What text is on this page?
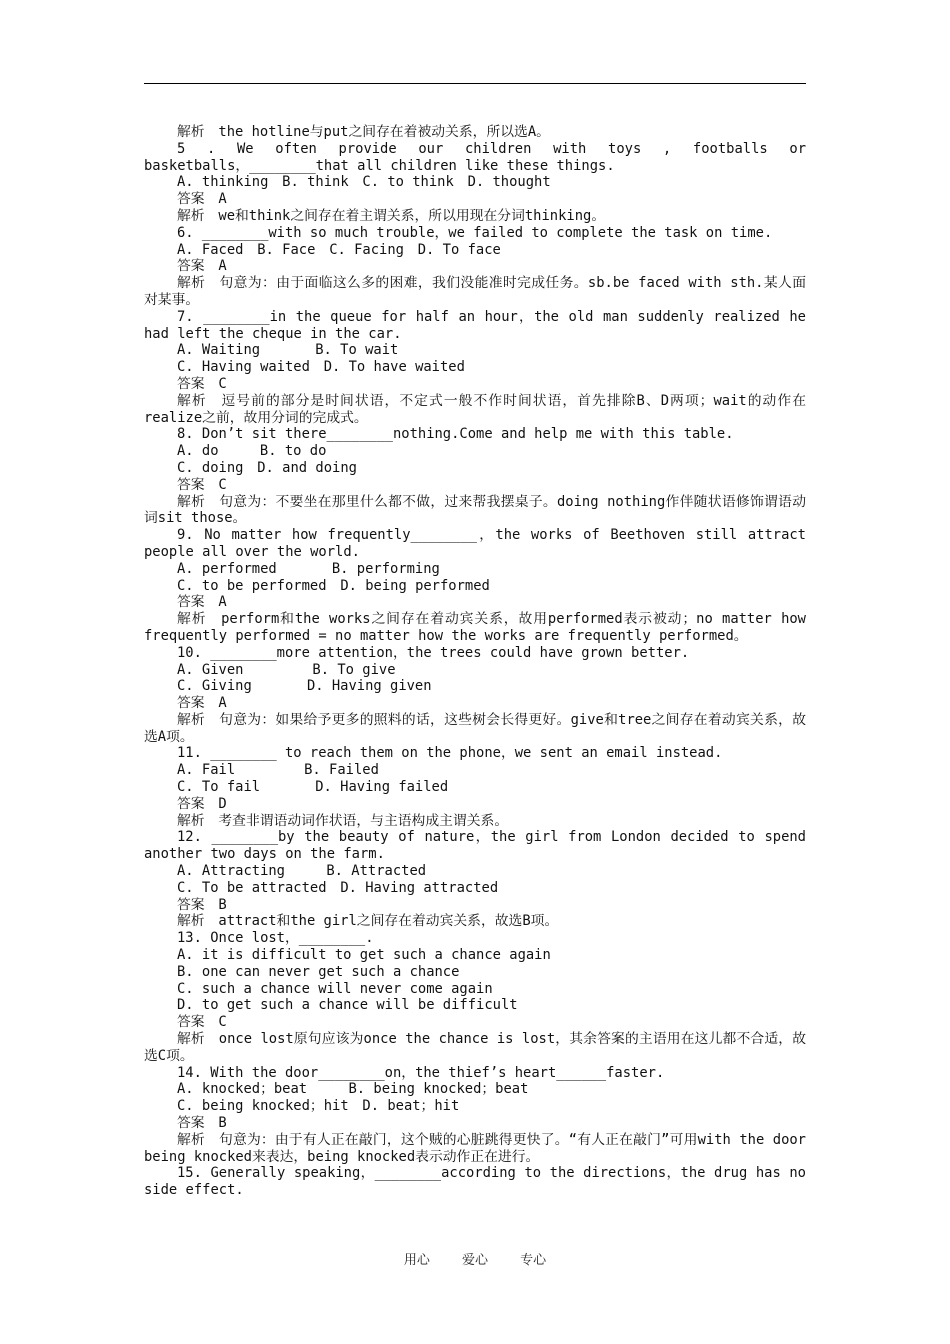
解析　the hotline与put之间存在着被动关系，所以选A。
5　.　We　often　provide　our　children　with　toys　,　footballs　or basketballs，________that all children like these things.
A. thinking　B. think　C. to think　D. thought
答案　A
解析　we和think之间存在着主谓关系，所以用现在分词thinking。
6. ________with so much trouble，we failed to complete the task on time.
A. Faced　B. Face　C. Facing　D. To face
答案　A
解析　句意为：由于面临这么多的困难，我们没能准时完成任务。sb.be faced with sth.某人面对某事。
7. ________in the queue for half an hour，the old man suddenly realized he had left the cheque in the car.
A. Waiting　　　　B. To wait
C. Having waited　D. To have waited
答案　C
解析　逗号前的部分是时间状语，不定式一般不作时间状语，首先排除B、D两项；wait的动作在realize之前，故用分词的完成式。
8. Don’t sit there________nothing.Come and help me with this table.
A. do　　　B. to do
C. doing　D. and doing
答案　C
解析　句意为：不要坐在那里什么都不做，过来帮我摆桌子。doing nothing作伴随状语修饰谓语动词sit those。
9. No matter how frequently________，the works of Beethoven still attract people all over the world.
A. performed　　　　B. performing
C. to be performed　D. being performed
答案　A
解析　perform和the works之间存在着动宾关系，故用performed表示被动；no matter how frequently performed = no matter how the works are frequently performed。
10. ________more attention，the trees could have grown better.
A. Given　　　　　B. To give
C. Giving　　　　D. Having given
答案　A
解析　句意为：如果给予更多的照料的话，这些树会长得更好。give和tree之间存在着动宾关系，故选A项。
11. ________ to reach them on the phone，we sent an email instead.
A. Fail　　　　　B. Failed
C. To fail　　　　D. Having failed
答案　D
解析　考查非谓语动词作状语，与主语构成主谓关系。
12. ________by the beauty of nature，the girl from London decided to spend another two days on the farm.
A. Attracting　　　B. Attracted
C. To be attracted　D. Having attracted
答案　B
解析　attract和the girl之间存在着动宾关系，故选B项。
13. Once lost，________.
A. it is difficult to get such a chance again
B. one can never get such a chance
C. such a chance will never come again
D. to get such a chance will be difficult
答案　C
解析　once lost原句应该为once the chance is lost，其余答案的主语用在这儿都不合适，故选C项。
14. With the door________on，the thief’s heart______faster.
A. knocked；beat　　　B. being knocked；beat
C. being knocked；hit　D. beat；hit
答案　B
解析　句意为：由于有人正在敲门，这个贼的心脏跳得更快了。“有人正在敲门”可用with the door being knocked来表达，being knocked表示动作正在进行。
15. Generally speaking，________according to the directions，the drug has no side effect.
用心 爱心 专心
